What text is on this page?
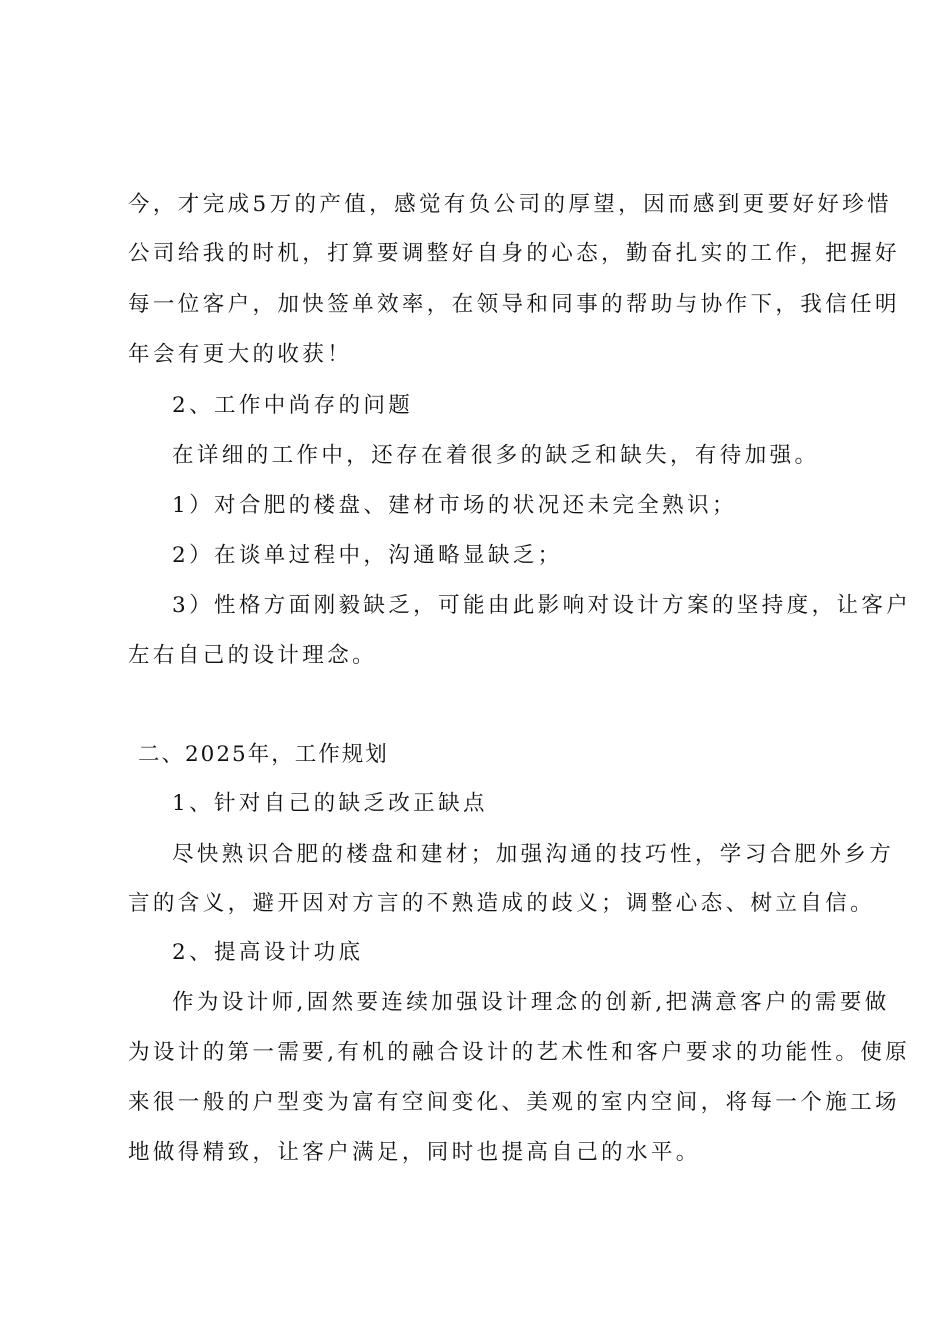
今，才完成5万的产值，感觉有负公司的厚望，因而感到更要好好珍惜
公司给我的时机，打算要调整好自身的心态，勤奋扎实的工作，把握好
每一位客户，加快签单效率，在领导和同事的帮助与协作下，我信任明
年会有更大的收获！
2、工作中尚存的问题
在详细的工作中，还存在着很多的缺乏和缺失，有待加强。
1）对合肥的楼盘、建材市场的状况还未完全熟识；
2）在谈单过程中，沟通略显缺乏；
3）性格方面刚毅缺乏，可能由此影响对设计方案的坚持度，让客户
左右自己的设计理念。
二、2025年，工作规划
1、针对自己的缺乏改正缺点
尽快熟识合肥的楼盘和建材；加强沟通的技巧性，学习合肥外乡方
言的含义，避开因对方言的不熟造成的歧义；调整心态、树立自信。
2、提高设计功底
作为设计师,固然要连续加强设计理念的创新,把满意客户的需要做
为设计的第一需要,有机的融合设计的艺术性和客户要求的功能性。使原
来很一般的户型变为富有空间变化、美观的室内空间，将每一个施工场
地做得精致，让客户满足，同时也提高自己的水平。
